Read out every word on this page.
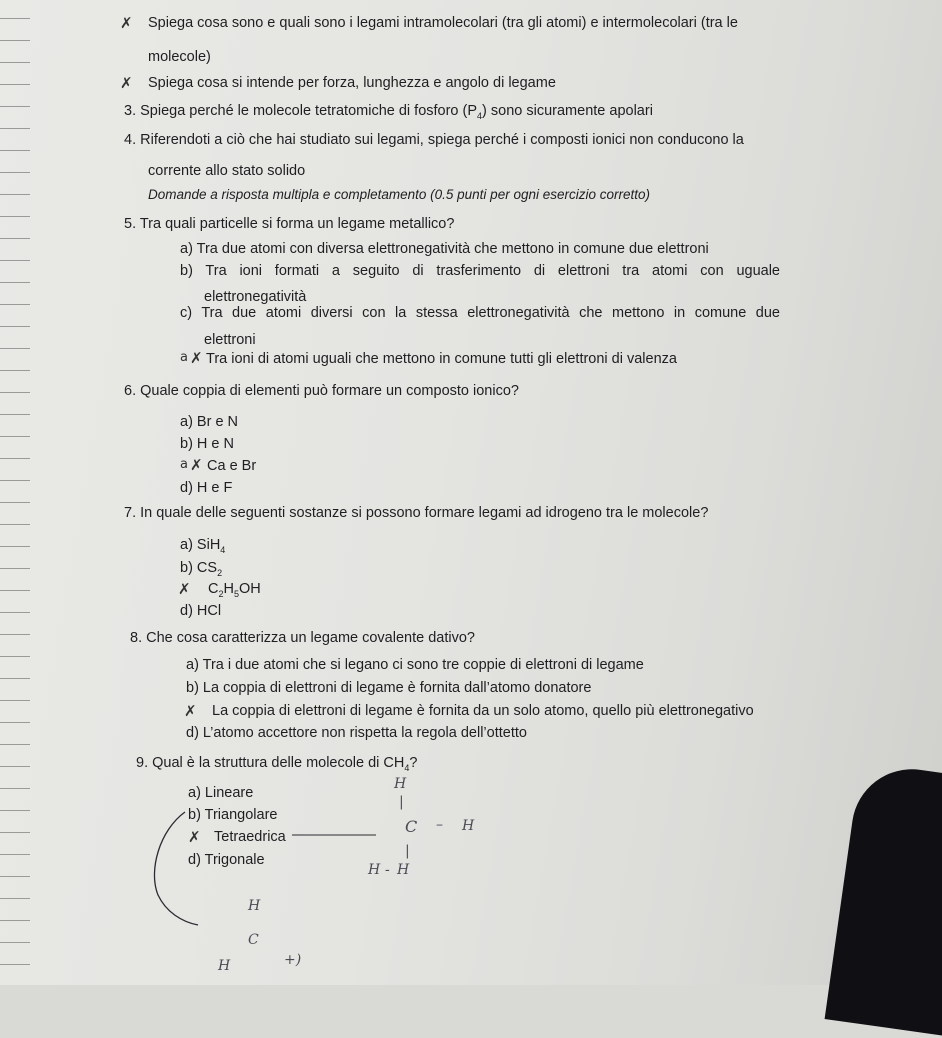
✗ Spiega cosa sono e quali sono i legami intramolecolari (tra gli atomi) e intermolecolari (tra le
molecole)
✗ Spiega cosa si intende per forza, lunghezza e angolo di legame
3. Spiega perché le molecole tetratomiche di fosforo $(P_4)$ sono sicuramente apolari
4. Riferendoti a ciò che hai studiato sui legami, spiega perché i composti ionici non conducono la
corrente allo stato solido
Domande a risposta multipla e completamento (0.5 punti per ogni esercizio corretto)
5. Tra quali particelle si forma un legame metallico?
a) Tra due atomi con diversa elettronegatività che mettono in comune due elettroni
b) Tra ioni formati a seguito di trasferimento di elettroni tra atomi con uguale
elettronegatività
c) Tra due atomi diversi con la stessa elettronegatività che mettono in comune due
elettroni
a ✗ Tra ioni di atomi uguali che mettono in comune tutti gli elettroni di valenza
6. Quale coppia di elementi può formare un composto ionico?
a) Br e N
b) H e N
a ✗ Ca e Br
d) H e F
7. In quale delle seguenti sostanze si possono formare legami ad idrogeno tra le molecole?
a) SiH$_4$
b) $CS_2$
✗ $C_2H_5OH$
d) HCl
8. Che cosa caratterizza un legame covalente dativo?
a) Tra i due atomi che si legano ci sono tre coppie di elettroni di legame
b) La coppia di elettroni di legame è fornita dall’atomo donatore
✗ La coppia di elettroni di legame è fornita da un solo atomo, quello più elettronegativo
d) L’atomo accettore non rispetta la regola dell’ottetto
9. Qual è la struttura delle molecole di $CH_4$?
a) Lineare
b) Triangolare
✗ Tetraedrica
d) Trigonale
H
|
C – H
|
H - H
H
C
H	+)
